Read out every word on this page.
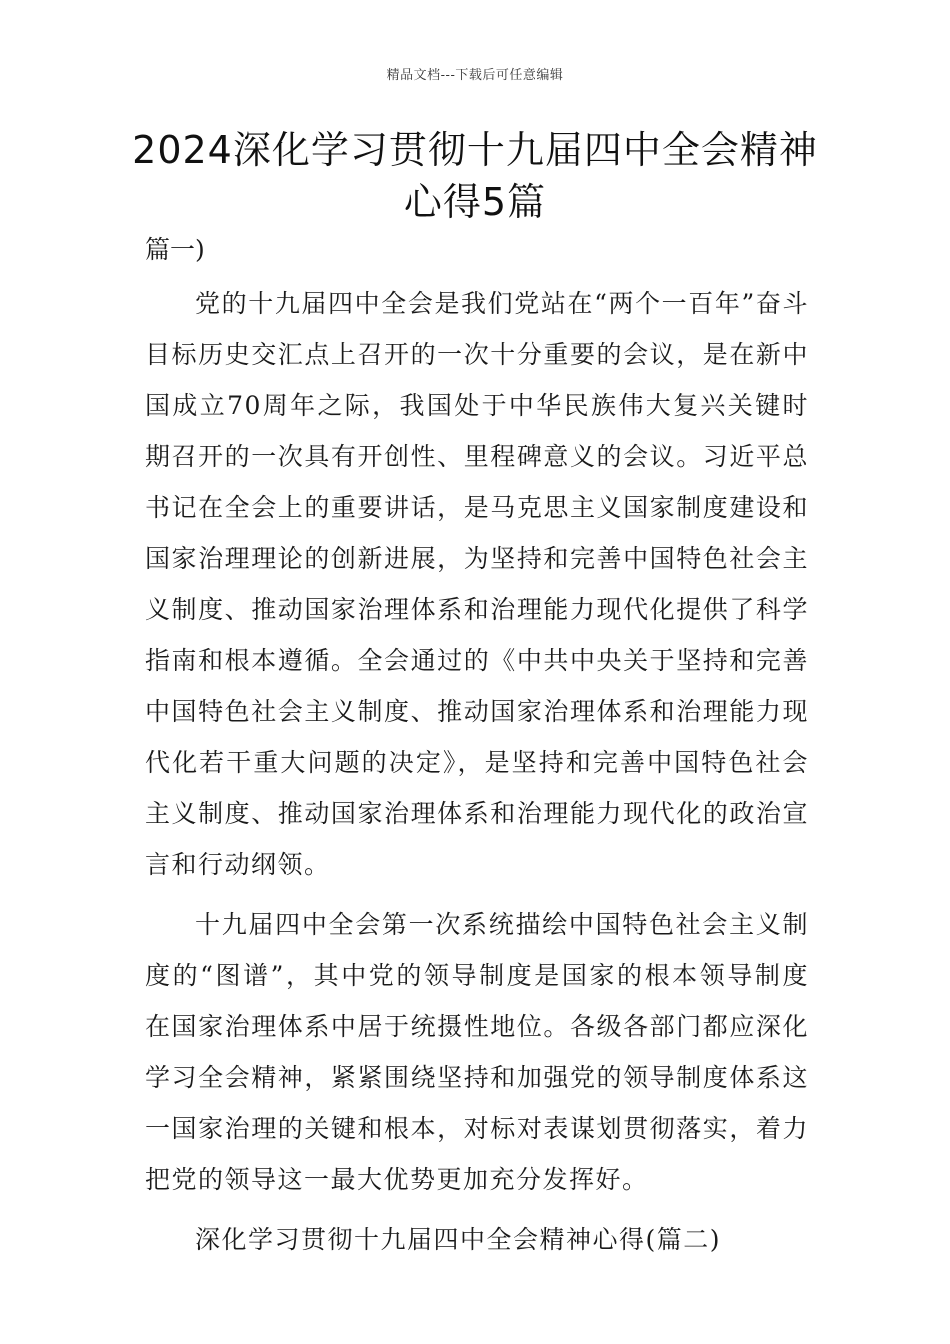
精品文档---下载后可任意编辑
2024深化学习贯彻十九届四中全会精神心得5篇
篇一)

党的十九届四中全会是我们党站在“两个一百年”奋斗目标历史交汇点上召开的一次十分重要的会议，是在新中国成立70周年之际，我国处于中华民族伟大复兴关键时期召开的一次具有开创性、里程碑意义的会议。习近平总书记在全会上的重要讲话，是马克思主义国家制度建设和国家治理理论的创新进展，为坚持和完善中国特色社会主义制度、推动国家治理体系和治理能力现代化提供了科学指南和根本遵循。全会通过的《中共中央关于坚持和完善中国特色社会主义制度、推动国家治理体系和治理能力现代化若干重大问题的决定》，是坚持和完善中国特色社会主义制度、推动国家治理体系和治理能力现代化的政治宣言和行动纲领。

十九届四中全会第一次系统描绘中国特色社会主义制度的“图谱”，其中党的领导制度是国家的根本领导制度在国家治理体系中居于统摄性地位。各级各部门都应深化学习全会精神，紧紧围绕坚持和加强党的领导制度体系这一国家治理的关键和根本，对标对表谋划贯彻落实，着力把党的领导这一最大优势更加充分发挥好。

深化学习贯彻十九届四中全会精神心得(篇二)
